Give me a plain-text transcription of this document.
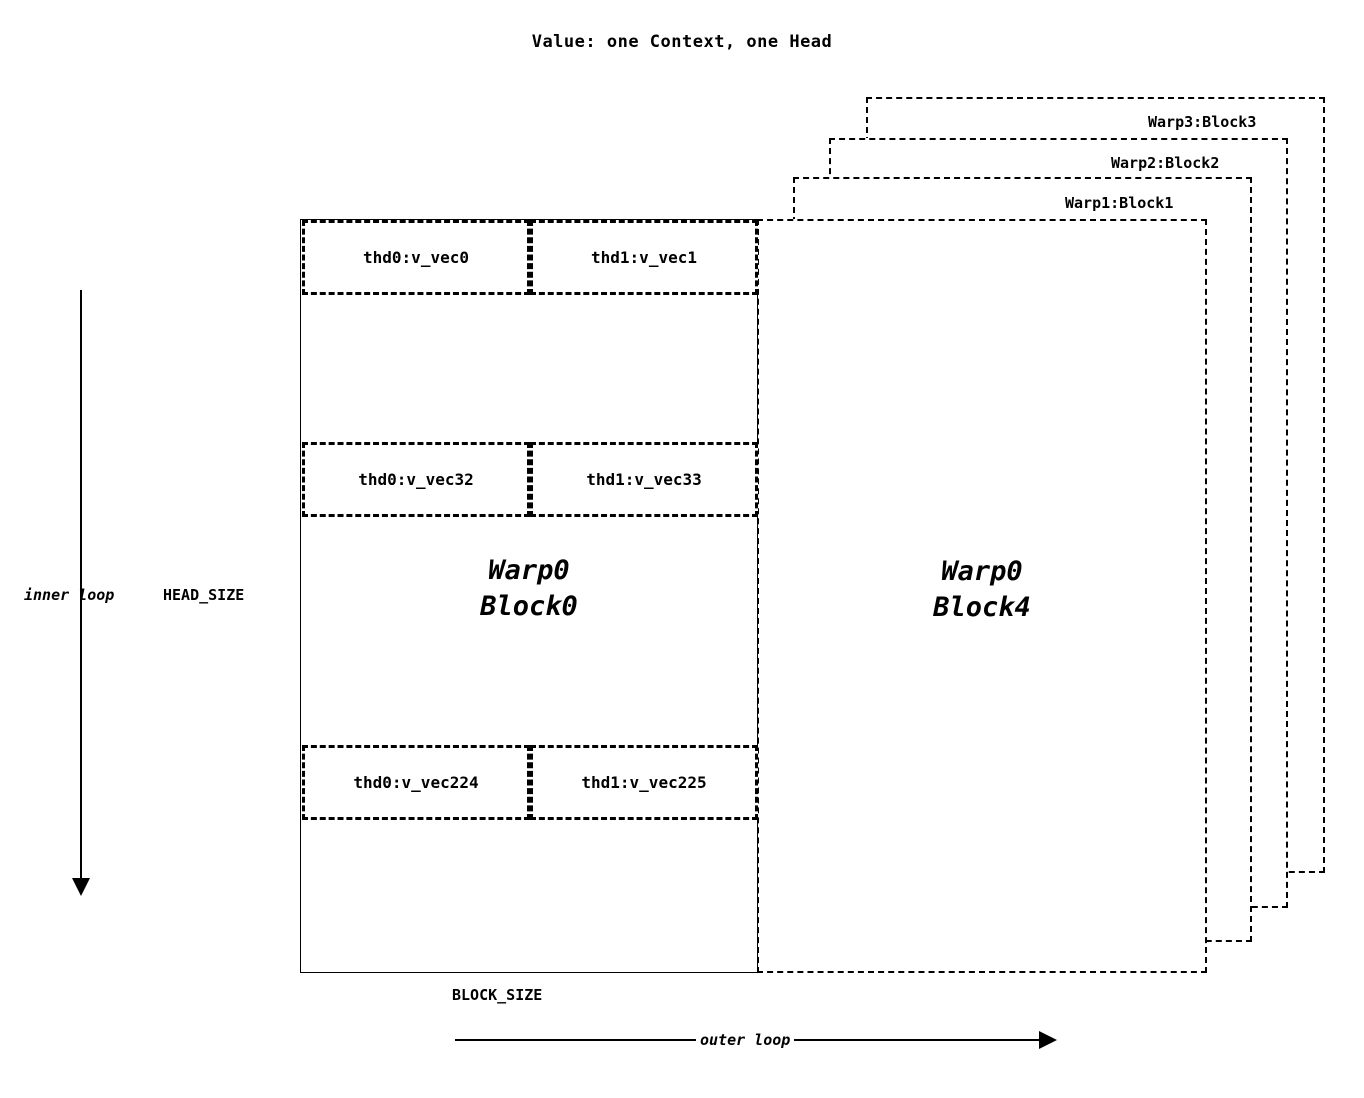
Value: one Context, one Head
Warp3:Block3
Warp2:Block2
Warp1:Block1
Warp0
Block4
Warp0
Block0
thd0:v_vec0	thd1:v_vec1
thd0:v_vec32	thd1:v_vec33
thd0:v_vec224	thd1:v_vec225
inner loop	HEAD_SIZE
BLOCK_SIZE
outer loop
